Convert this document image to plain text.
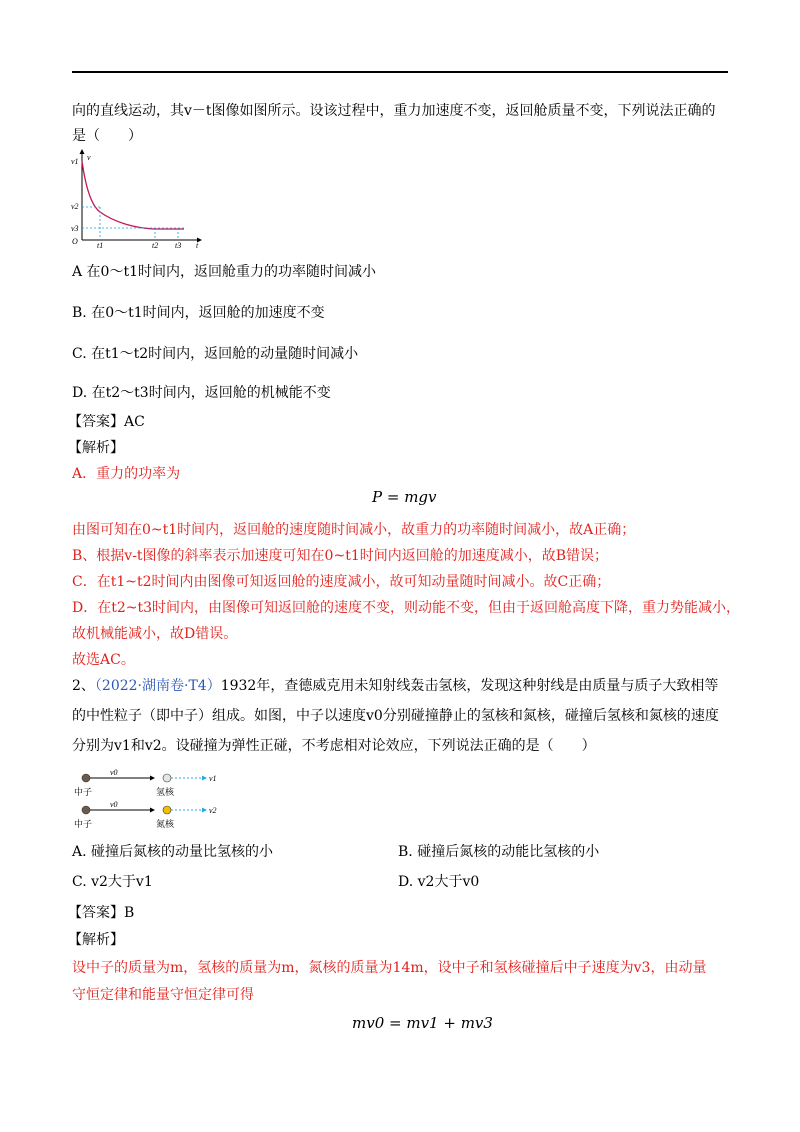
向的直线运动，其v－t图像如图所示。设该过程中，重力加速度不变，返回舱质量不变，下列说法正确的
是（　　）
v1 v
v2
v3
O t1	t2 t3 t
A 在0～t1时间内，返回舱重力的功率随时间减小
B. 在0～t1时间内，返回舱的加速度不变
C. 在t1～t2时间内，返回舱的动量随时间减小
D. 在t2～t3时间内，返回舱的机械能不变
【答案】AC
【解析】
A．重力的功率为
P = mgv
由图可知在0~t1时间内，返回舱的速度随时间减小，故重力的功率随时间减小，故A正确；
B、根据v-t图像的斜率表示加速度可知在0~t1时间内返回舱的加速度减小，故B错误；
C．在t1~t2时间内由图像可知返回舱的速度减小，故可知动量随时间减小。故C正确；
D．在t2~t3时间内，由图像可知返回舱的速度不变，则动能不变，但由于返回舱高度下降，重力势能减小，
故机械能减小，故D错误。
故选AC。
2、（2022·湖南卷·T4）1932年，查德威克用未知射线轰击氢核，发现这种射线是由质量与质子大致相等
的中性粒子（即中子）组成。如图，中子以速度v0分别碰撞静止的氢核和氮核，碰撞后氢核和氮核的速度
分别为v1和v2。设碰撞为弹性正碰，不考虑相对论效应，下列说法正确的是（　　）
v0
v1
中子	氢核
v0
v2
中子	氮核
A. 碰撞后氮核的动量比氢核的小	B. 碰撞后氮核的动能比氢核的小
C. v2大于v1	D. v2大于v0
【答案】B
【解析】
设中子的质量为m，氢核的质量为m，氮核的质量为14m，设中子和氢核碰撞后中子速度为v3，由动量
守恒定律和能量守恒定律可得
mv0 = mv1 + mv3
